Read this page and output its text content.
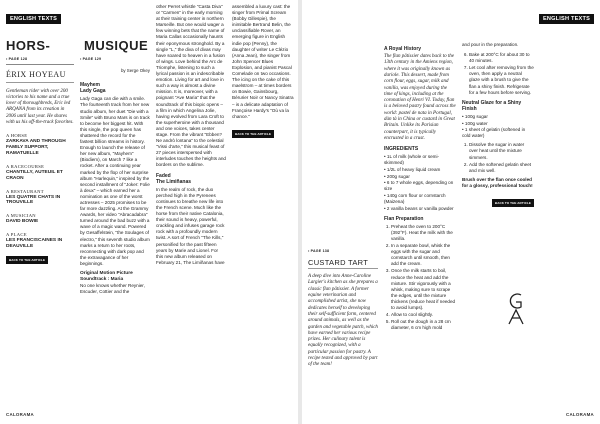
ENGLISH TEXTS
HORS-	MUSIQUE
• PAGE 128
ÉRIX HOYEAU
Gentleman rider with over 200 victories to his name and a true lover of thoroughbreds, Eric led ARQANA from its creation in 2006 until last year. He shares with us his off-the-track favorites.
A HORSE
ZARKAVA AND THROUGH FAMILY SUPPORT, RAMATUELLE
A RACECOURSE
CHANTILLY, AUTEUIL ET CRAON
A RESTAURANT
LES QUATRE CHATS IN TROUVILLE
A MUSICIAN
DAVID BOWIE
A PLACE
LES FRANCISCAINES IN DEAUVILLE
BACK TO THE ARTICLE
• PAGE 129
by Serge Okey
Mayhem
Lady Gaga

Lady Gaga can die with a smile. The fourteenth track from her new studio album, her duet "Die with a Smile" with Bruno Mars is on track to become her biggest hit. With this single, the pop queen has shattered the record for the fastest billion streams in history. Enough to launch the release of her new album, "Mayhem" (Biodiem), on March 7 like a rocket. After a continuing year marked by the flop of her surprise album "Harlequin," inspired by the second installment of "Joker: Folie à deux" – which earned her a nomination as one of the worst actresses – 2025 promises to be far more dazzling. At the Grammy Awards, her video "Abracadabra" turned around the bad buzz with a wave of a magic wand. Powered by Gesaffelstein, "the Soulages of electro," this seventh studio album marks a return to her roots, reconnecting with dark pop and the extravagance of her beginnings.

Original Motion Picture Soundtrack : Maria

No one knows whether Reynier, Escuder, Cottier and the

other Perret whistle "Casta Diva" or "Carmen" in the early morning at their training center in northern Marseille. But one would wager a few winning bets that the name of Maria Callas occasionally haunts their eponymous stronghold. By a single "L," the diva of divas may have soared to heaven in a fusion of wings. Love behind the Arc de Triomphe, listening to such a lyrical passion is an indescribable emotion. Living for art and love in such a way is almost a divine mission. It is, moreover, with a poignant "Ave Maria" that the soundtrack of this biopic opens – a film in which Angelina Jolie, having evolved from Lara Croft to the superheroine with a thousand and one voices, takes center stage. From the vibrant "Ebben? Ne andrò lontana" to the celestial "Vissi d'arte," this musical feast of 27 pieces interspersed with interludes touches the heights and borders on the sublime.

Faded
The Limiñanas

In the realm of rock, the duo perched high in the Pyrenees continues to breathe new life into the French scene. Much like the horse from their native Catalonia, their sound is heavy, powerful, crackling and infuses garage rock rock with a profoundly modern twist. A sort of French "The Kills," personified for the past fifteen years by Marie and Lionel. For this new album released on February 21, The Limiñanas have

assembled a luxury cast: the singer from Primal Scream (Bobby Gillespie), the inimitable Bertrand Belin, the unclassifiable Rover, an emerging figure in English indie pop (Penny), the daughter of writer Le Clézio (Anna Jean), the singer from John Spencer Blues Explosion, and pianist Pascal Comelade on two occasions. The icing on the cake of this maelstrom – at times borders on Bowie, Gainsbourg, Bérurier Noir or Nancy Sinatra – is a delicate adaptation of Françoise Hardy's "Où va la chance."

BACK TO THE ARTICLE
CALORAMA
ENGLISH TEXTS
• PAGE 138
CUSTARD TART
A deep dive into Anne-Caroline Largier's kitchen as she prepares a classic flan pâtissier. A former equine veterinarian and accomplished artist, she now dedicates herself to developing their self-sufficient farm, centered around animals, as well as the garden and vegetable patch, which have earned her various recipe prizes. Her culinary talent is equally recognized, with a particular passion for pastry. A recipe tested and approved by part of the team!
A Royal History

The flan pâtissier dates back to the 13th century in the Amiens region, where it was originally known as dariole. This dessert, made from corn flour, eggs, sugar, milk and vanilla, was enjoyed during the time of kings, including at the coronation of Henri VI. Today, flan is a beloved pastry found across the world: pastel de nata in Portugal, dàn tà in China or custard in Great Britain. Unlike its Parisian counterpart, it is typically encrusted in a crust.

INGREDIENTS
• 1L of milk (whole or semi-skimmed)
• 1/2L of heavy liquid cream
• 200g sugar
• 6 to 7 whole eggs, depending on size
• 140g corn flour or cornstarch (Maizena)
• 2 vanilla beans or vanilla powder
Flan Preparation
1. Preheat the oven to 200°C (392°F). Heat the milk with the vanilla.
2. In a separate bowl, whisk the eggs with the sugar and cornstarch until smooth, then add the cream.
3. Once the milk starts to boil, reduce the heat and add the mixture. Stir vigorously with a whisk, making sure to scrape the edges, until the mixture thickens (reduce heat if needed to avoid lumps).
4. Allow to cool slightly.
5. Roll out the dough in a 28 cm diameter, 6 cm high mold

and pour in the preparation.

6. Bake at 200°C for about 30 to 40 minutes.
7. Let cool after removing from the oven, then apply a neutral glaze with a brush to give the flan a shiny finish. Refrigerate for a few hours before serving.
Neutral Glaze for a Shiny Finish
• 100g sugar
• 100g water
• 1 sheet of gelatin (softened in cold water)
1. Dissolve the sugar in water over heat until the mixture simmers.
2. Add the softened gelatin sheet and mix well.

Brush over the flan once cooled for a glossy, professional touch!

BACK TO THE ARTICLE
CALORAMA
